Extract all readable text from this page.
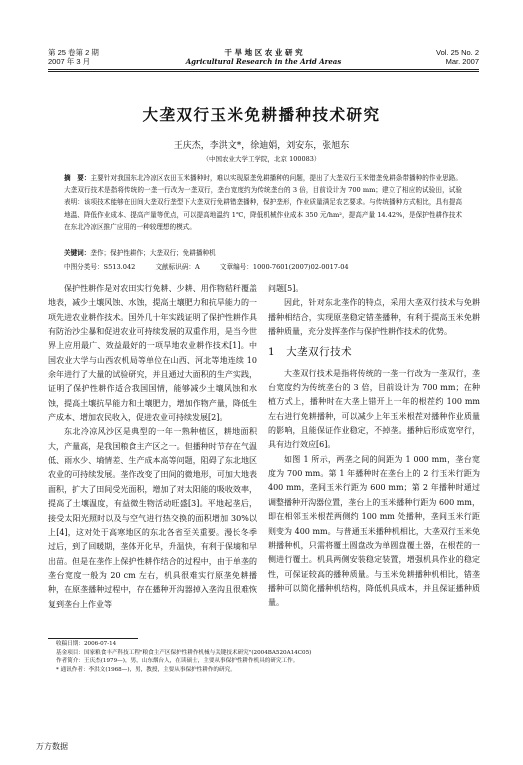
第 25 卷第 2 期
2007 年 3 月
干 旱 地 区 农 业 研 究
Agricultural Research in the Arid Areas
Vol. 25 No. 2
Mar. 2007
大垄双行玉米免耕播种技术研究
王庆杰，李洪文*，徐迪娟，刘安东，张旭东
（中国农业大学工学院，北京 100083）
摘　要：主要针对我国东北冷凉区农田玉米播种时，难以实现原垄免耕播种的问题，提出了大垄双行玉米错垄免耕条带播种的作业思路。大垄双行技术是指将传统的一垄一行改为一垄双行，垄台宽度约为传统垄台的 3 倍，目前设计为 700 mm；建立了相应的试验田，试验表明：该项技术能够在田间大垄双行垄型下大垄双行免耕错垄播种，保护垄形，作业质量满足农艺要求。与传统播种方式相比，具有提高地温、降低作业成本、提高产量等优点，可以提高地温约 1℃，降低机械作业成本 350 元/hm²，提高产量 14.42%，是保护性耕作技术在东北冷凉区推广应用的一种较理想的模式。
关键词：垄作；保护性耕作；大垄双行；免耕播种机
中图分类号：S513.042	文献标识码：A	文章编号：1000-7601(2007)02-0017-04

保护性耕作是对农田实行免耕、少耕、用作物秸秆覆盖地表，减少土壤风蚀、水蚀，提高土壤肥力和抗旱能力的一项先进农业耕作技术。国外几十年实践证明了保护性耕作具有防治沙尘暴和促进农业可持续发展的双重作用，是当今世界上应用最广、效益最好的一项旱地农业耕作技术[1]。中国农业大学与山西农机局等单位在山西、河北等地连续 10 余年进行了大量的试验研究，并且通过大面积的生产实践，证明了保护性耕作适合我国国情，能够减少土壤风蚀和水蚀，提高土壤抗旱能力和土壤肥力，增加作物产量，降低生产成本、增加农民收入，促进农业可持续发展[2]。

东北冷凉风沙区是典型的一年一熟种植区，耕地面积大，产量高，是我国粮食主产区之一。但播种时节存在气温低、雨水少、墒情差、生产成本高等问题，阻碍了东北地区农业的可持续发展。垄作改变了田间的微地形，可加大地表面积，扩大了田间受光面积，增加了对太阳能的吸收效率，提高了土壤温度，有益微生物活动旺盛[3]。平地起垄后，接受太阳光照时以及与空气进行热交换的面积增加 30%以上[4]，这对处于高寒地区的东北各省至关重要。漫长冬季过后，到了回暖期，垄体开化早，升温快，有利于保墒和早出苗。但是在垄作上保护性耕作结合的过程中，由于单垄的垄台宽度一般为 20 cm 左右，机具很难实行原垄免耕播种，在原垄播种过程中，存在播种开沟器掉入垄沟且很难恢复到垄台上作业等

问题[5]。

因此，针对东北垄作的特点，采用大垄双行技术与免耕播种相结合，实现原垄稳定错垄播种，有利于提高玉米免耕播种质量，充分发挥垄作与保护性耕作技术的优势。

1　大垄双行技术

大垄双行技术是指将传统的一垄一行改为一垄双行，垄台宽度约为传统垄台的 3 倍，目前设计为 700 mm；在种植方式上，播种时在大垄上错开上一年的根茬约 100 mm 左右进行免耕播种，可以减少上年玉米根茬对播种作业质量的影响，且能保证作业稳定，不掉垄。播种后形成宽窄行，具有边行效应[6]。

如图 1 所示，两垄之间的间距为 1 000 mm，垄台宽度为 700 mm。第 1 年播种时在垄台上的 2 行玉米行距为 400 mm，垄间玉米行距为 600 mm；第 2 年播种时通过调整播种开沟器位置，垄台上的玉米播种行距为 600 mm，即在相邻玉米根茬两侧约 100 mm 处播种，垄间玉米行距则变为 400 mm。与普通玉米播种机相比，大垄双行玉米免耕播种机，只需将覆土圆盘改为单圆盘覆土器，在根茬的一侧进行覆土。机具两侧安装稳定装置，增强机具作业的稳定性，可保证较高的播种质量。与玉米免耕播种机相比，错垄播种可以简化播种机结构，降低机具成本，并且保证播种质量。

收稿日期：2006-07-14
基金项目：国家粮食丰产科技工程"粮食主产区保护性耕作机械与关键技术研究"(2004BA520A14C05)
作者简介：王庆杰(1979—)，男，山东烟台人，在读硕士，主要从事保护性耕作机具的研究工作。
* 通讯作者：李洪文(1968—)，男，教授，主要从事保护性耕作的研究。
万方数据
